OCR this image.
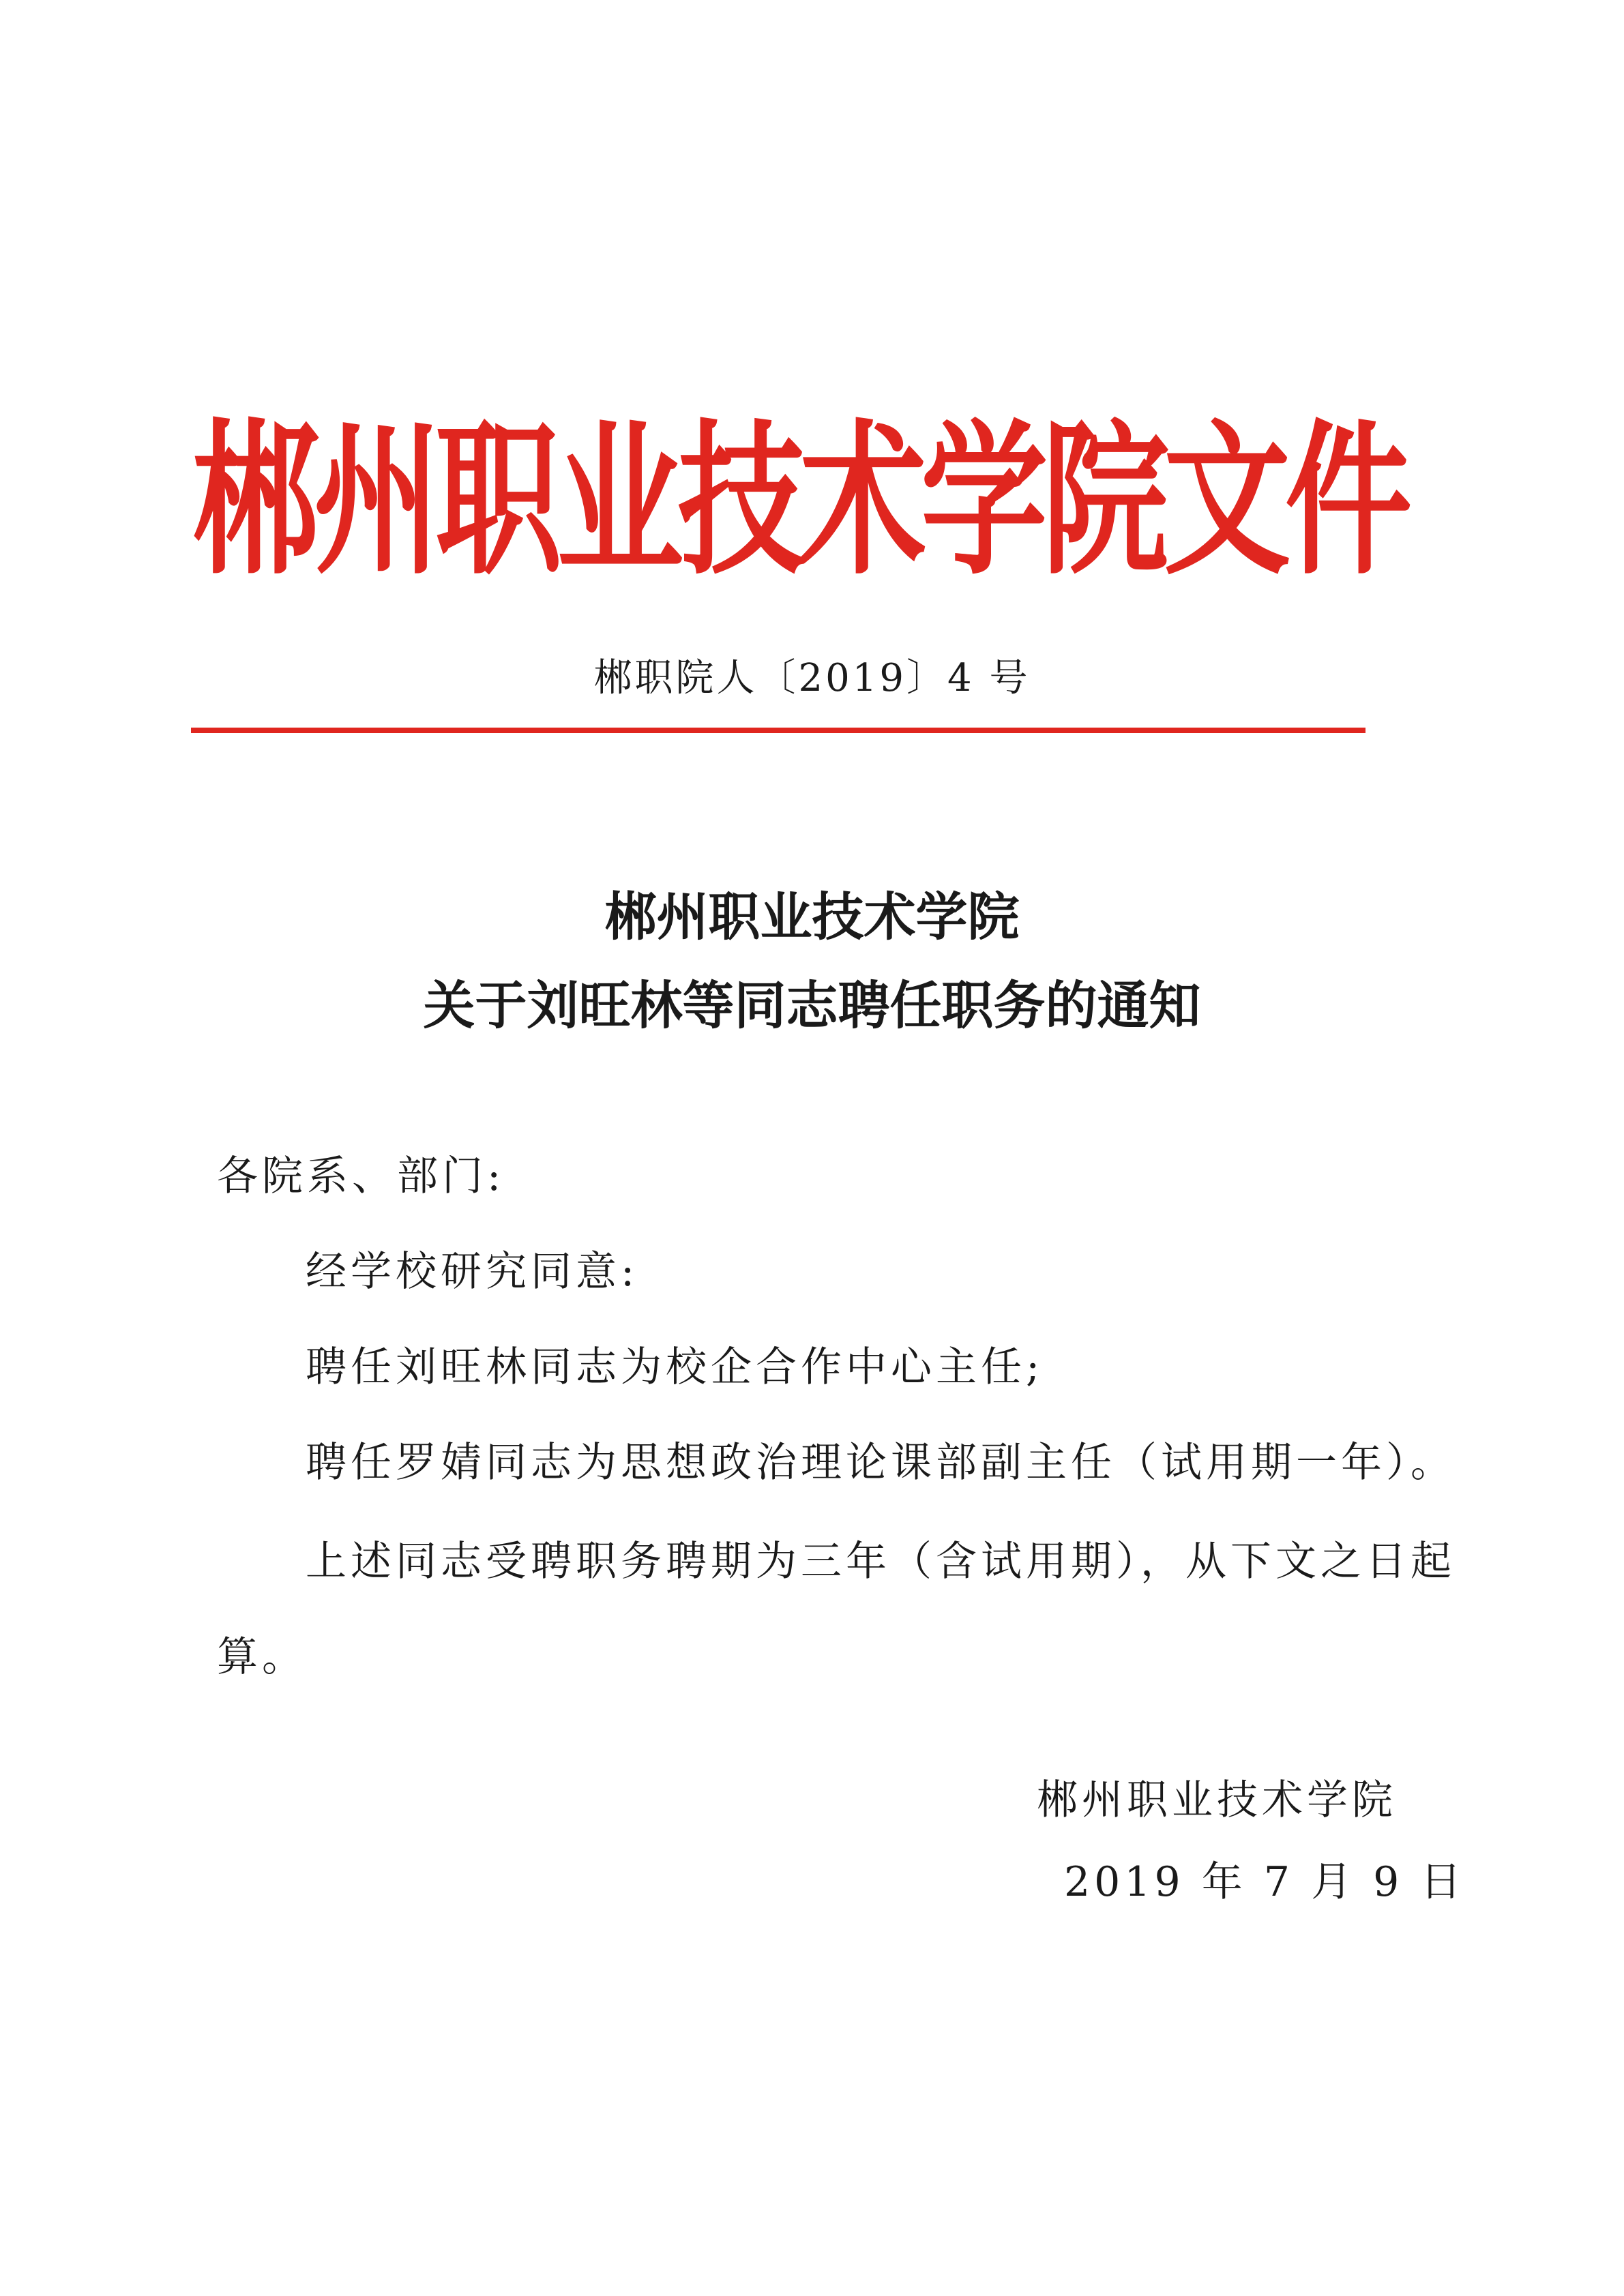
郴州职业技术学院文件
郴职院人〔2019〕4 号
郴州职业技术学院
关于刘旺林等同志聘任职务的通知

各院系、部门:

经学校研究同意:

聘任刘旺林同志为校企合作中心主任;

聘任罗婧同志为思想政治理论课部副主任（试用期一年）。

上述同志受聘职务聘期为三年（含试用期），从下文之日起

算。

郴州职业技术学院
2019 年 7 月 9 日
